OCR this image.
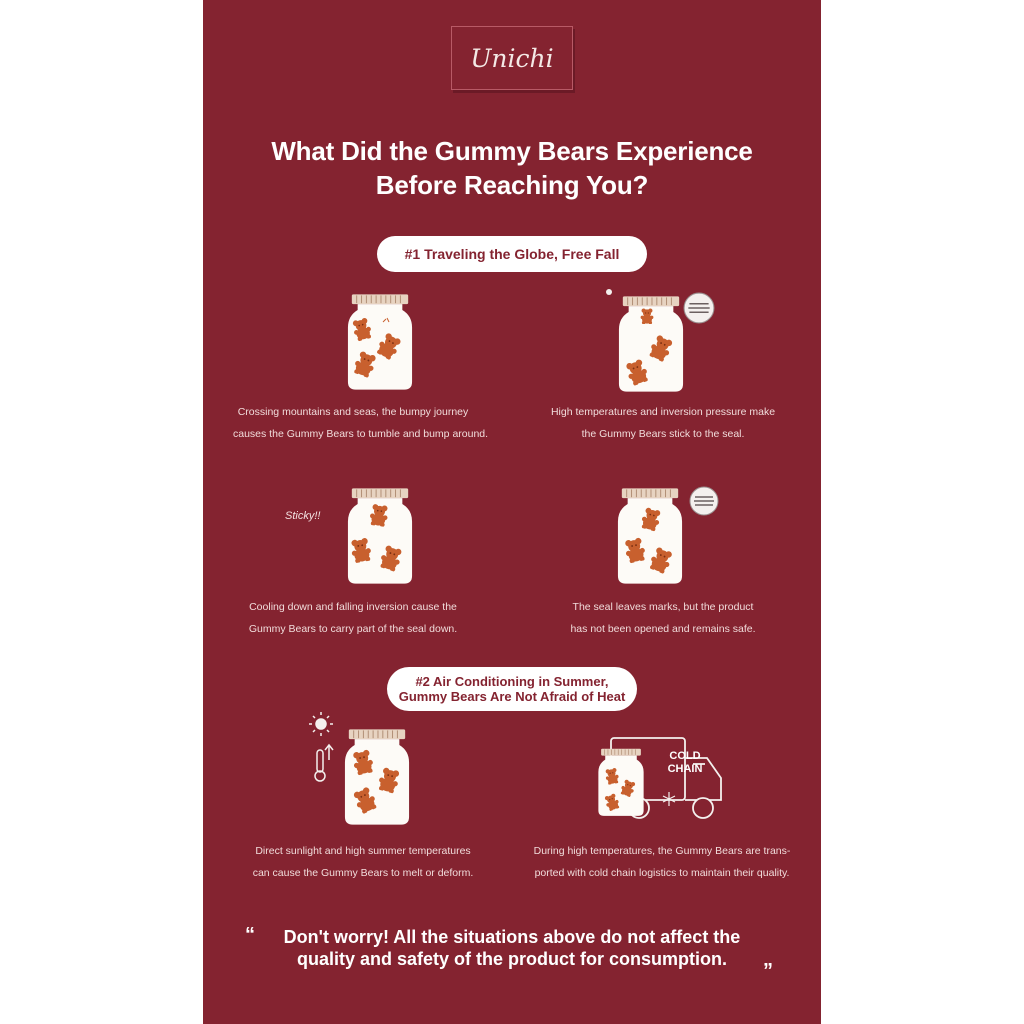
Unichi
What Did the Gummy Bears Experience
Before Reaching You?
#1 Traveling the Globe, Free Fall
Crossing mountains and seas, the bumpy journey
causes the Gummy Bears to tumble and bump around.
High temperatures and inversion pressure make
the Gummy Bears stick to the seal.
Sticky!!
Cooling down and falling inversion cause the
Gummy Bears to carry part of the seal down.
The seal leaves marks, but the product
has not been opened and remains safe.
#2 Air Conditioning in Summer,
Gummy Bears Are Not Afraid of Heat
Direct sunlight and high summer temperatures
can cause the Gummy Bears to melt or deform.
COLD
CHAIN
During high temperatures, the Gummy Bears are trans-
ported with cold chain logistics to maintain their quality.
“	Don't worry! All the situations above do not affect the
quality and safety of the product for consumption.
”
